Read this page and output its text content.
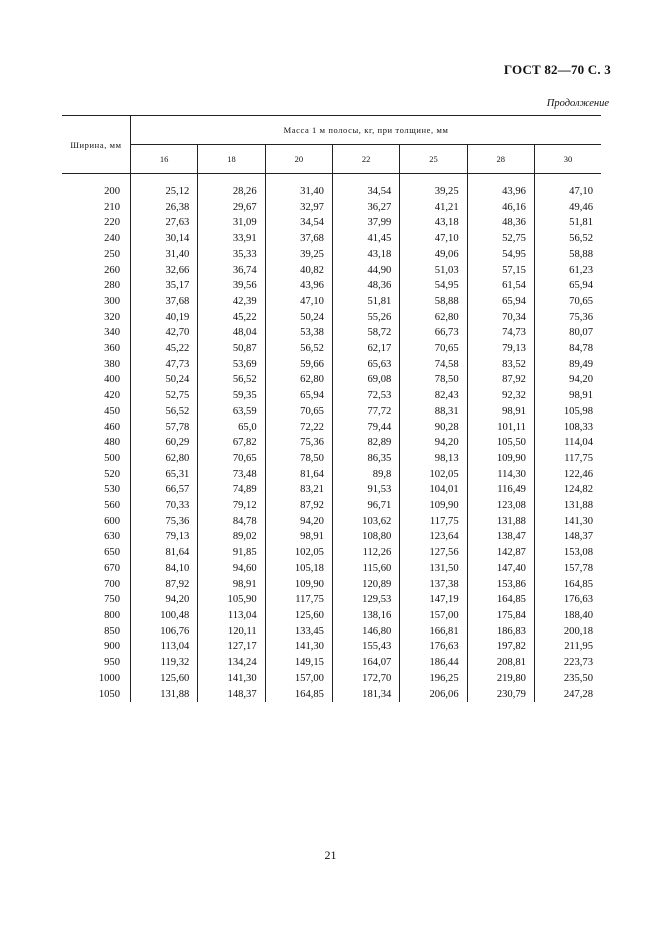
ГОСТ 82—70 С. 3
Продолжение
Ширина, мм	Масса 1 м полосы, кг, при толщине, мм						
	16	18	20	22	25	28	30
200	25,12	28,26	31,40	34,54	39,25	43,96	47,10
210	26,38	29,67	32,97	36,27	41,21	46,16	49,46
220	27,63	31,09	34,54	37,99	43,18	48,36	51,81
240	30,14	33,91	37,68	41,45	47,10	52,75	56,52
250	31,40	35,33	39,25	43,18	49,06	54,95	58,88
260	32,66	36,74	40,82	44,90	51,03	57,15	61,23
280	35,17	39,56	43,96	48,36	54,95	61,54	65,94
300	37,68	42,39	47,10	51,81	58,88	65,94	70,65
320	40,19	45,22	50,24	55,26	62,80	70,34	75,36
340	42,70	48,04	53,38	58,72	66,73	74,73	80,07
360	45,22	50,87	56,52	62,17	70,65	79,13	84,78
380	47,73	53,69	59,66	65,63	74,58	83,52	89,49
400	50,24	56,52	62,80	69,08	78,50	87,92	94,20
420	52,75	59,35	65,94	72,53	82,43	92,32	98,91
450	56,52	63,59	70,65	77,72	88,31	98,91	105,98
460	57,78	65,0	72,22	79,44	90,28	101,11	108,33
480	60,29	67,82	75,36	82,89	94,20	105,50	114,04
500	62,80	70,65	78,50	86,35	98,13	109,90	117,75
520	65,31	73,48	81,64	89,8	102,05	114,30	122,46
530	66,57	74,89	83,21	91,53	104,01	116,49	124,82
560	70,33	79,12	87,92	96,71	109,90	123,08	131,88
600	75,36	84,78	94,20	103,62	117,75	131,88	141,30
630	79,13	89,02	98,91	108,80	123,64	138,47	148,37
650	81,64	91,85	102,05	112,26	127,56	142,87	153,08
670	84,10	94,60	105,18	115,60	131,50	147,40	157,78
700	87,92	98,91	109,90	120,89	137,38	153,86	164,85
750	94,20	105,90	117,75	129,53	147,19	164,85	176,63
800	100,48	113,04	125,60	138,16	157,00	175,84	188,40
850	106,76	120,11	133,45	146,80	166,81	186,83	200,18
900	113,04	127,17	141,30	155,43	176,63	197,82	211,95
950	119,32	134,24	149,15	164,07	186,44	208,81	223,73
1000	125,60	141,30	157,00	172,70	196,25	219,80	235,50
1050	131,88	148,37	164,85	181,34	206,06	230,79	247,28
21
